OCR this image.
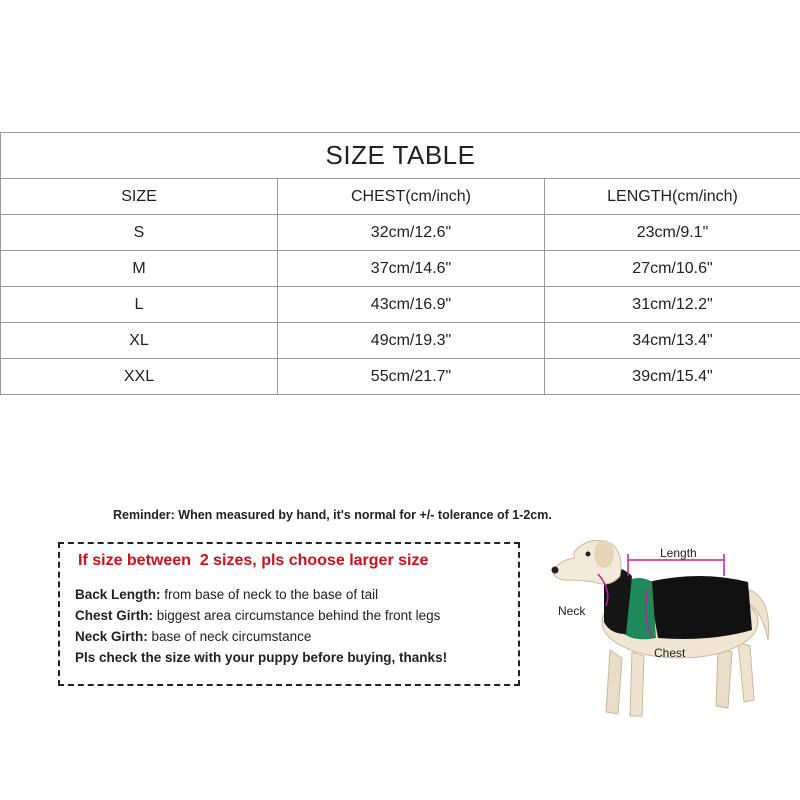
SIZE TABLE		
SIZE	CHEST(cm/inch)	LENGTH(cm/inch)
S	32cm/12.6"	23cm/9.1"
M	37cm/14.6"	27cm/10.6"
L	43cm/16.9"	31cm/12.2"
XL	49cm/19.3"	34cm/13.4"
XXL	55cm/21.7"	39cm/15.4"
Reminder: When measured by hand, it's normal for +/- tolerance of 1-2cm.
If size between  2 sizes, pls choose larger size
Back Length: from base of neck to the base of tail
Chest Girth: biggest area circumstance behind the front legs
Neck Girth: base of neck circumstance
Pls check the size with your puppy before buying, thanks!
Length
Neck
Chest
